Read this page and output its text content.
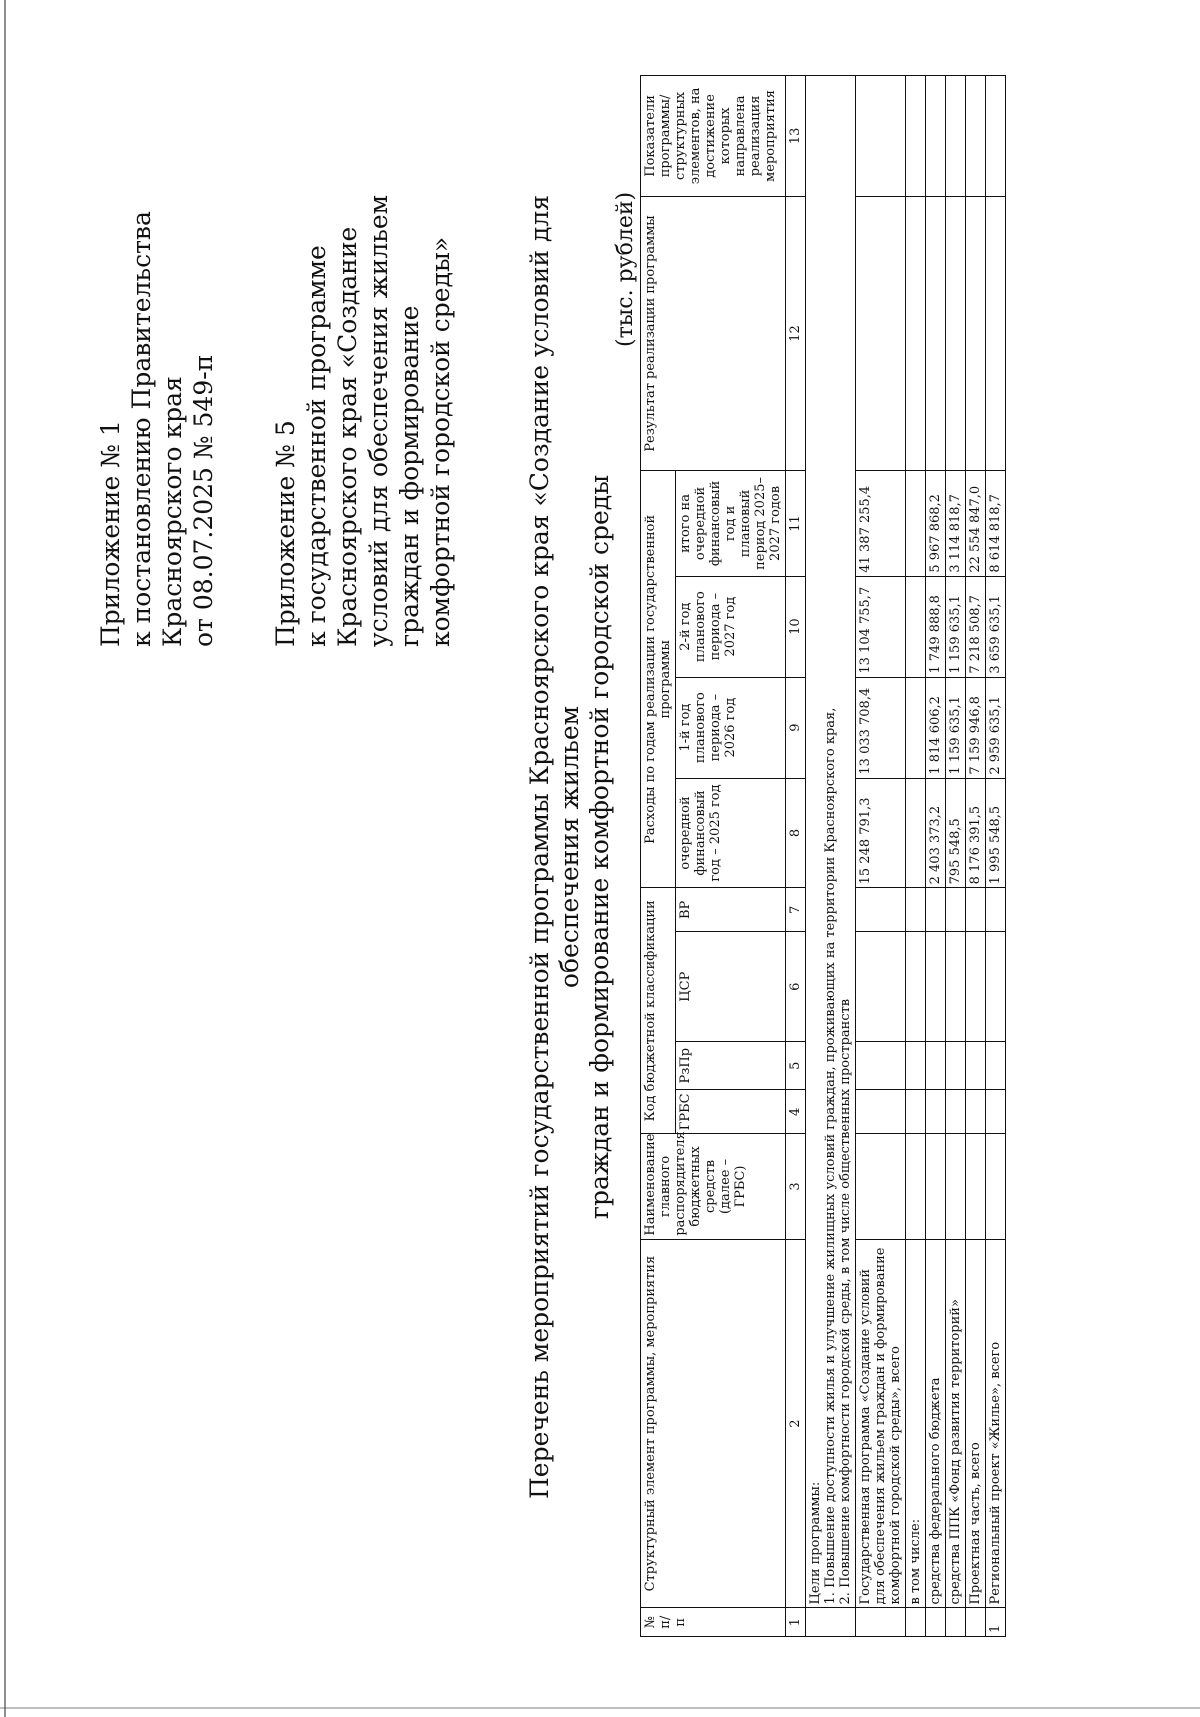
Приложение № 1 к постановлению Правительства Красноярского края от 08.07.2025 № 549-п Приложение № 5 к государственной программе Красноярского края «Создание условий для обеспечения жильем граждан и формирование комфортной городской среды»	Перечень мероприятий государственной программы Красноярского края «Создание условий для обеспечения жильем граждан и формирование комфортной городской среды
(тыс. рублей)
№ п/п	Структурный элемент программы, мероприятия	Наименование главного распорядителя бюджетных средств (далее – ГРБС)	Код бюджетной классификации				Расходы по годам реализации государственной программы				Результат реализации программы	Показатели программы/ структурных элементов, на достижение которых направлена реализация мероприятия
			ГРБС	РзПр	ЦСР	ВР	очередной финансовый год – 2025 год	1-й год планового периода – 2026 год	2-й год планового периода – 2027 год	итого на очередной финансовый год и плановый период 2025–2027 годов		
1	2	3	4	5	6	7	8	9	10	11	12	13

	Цели программы: 1. Повышение доступности жилья и улучшение жилищных условий граждан, проживающих на территории Красноярского края, 2. Повышение комфортности городской среды, в том числе общественных пространств											

	Государственная программа «Создание условий для обеспечения жильем граждан и формирование комфортной городской среды», всего						15 248 791,3	13 033 708,4	13 104 755,7	41 387 255,4		
	в том числе:											
	средства федерального бюджета						2 403 373,2	1 814 606,2	1 749 888,8	5 967 868,2		
	средства ППК «Фонд развития территорий»						795 548,5	1 159 635,1	1 159 635,1	3 114 818,7		
	Проектная часть, всего						8 176 391,5	7 159 946,8	7 218 508,7	22 554 847,0		
1	Региональный проект «Жилье», всего						1 995 548,5	2 959 635,1	3 659 635,1	8 614 818,7		
